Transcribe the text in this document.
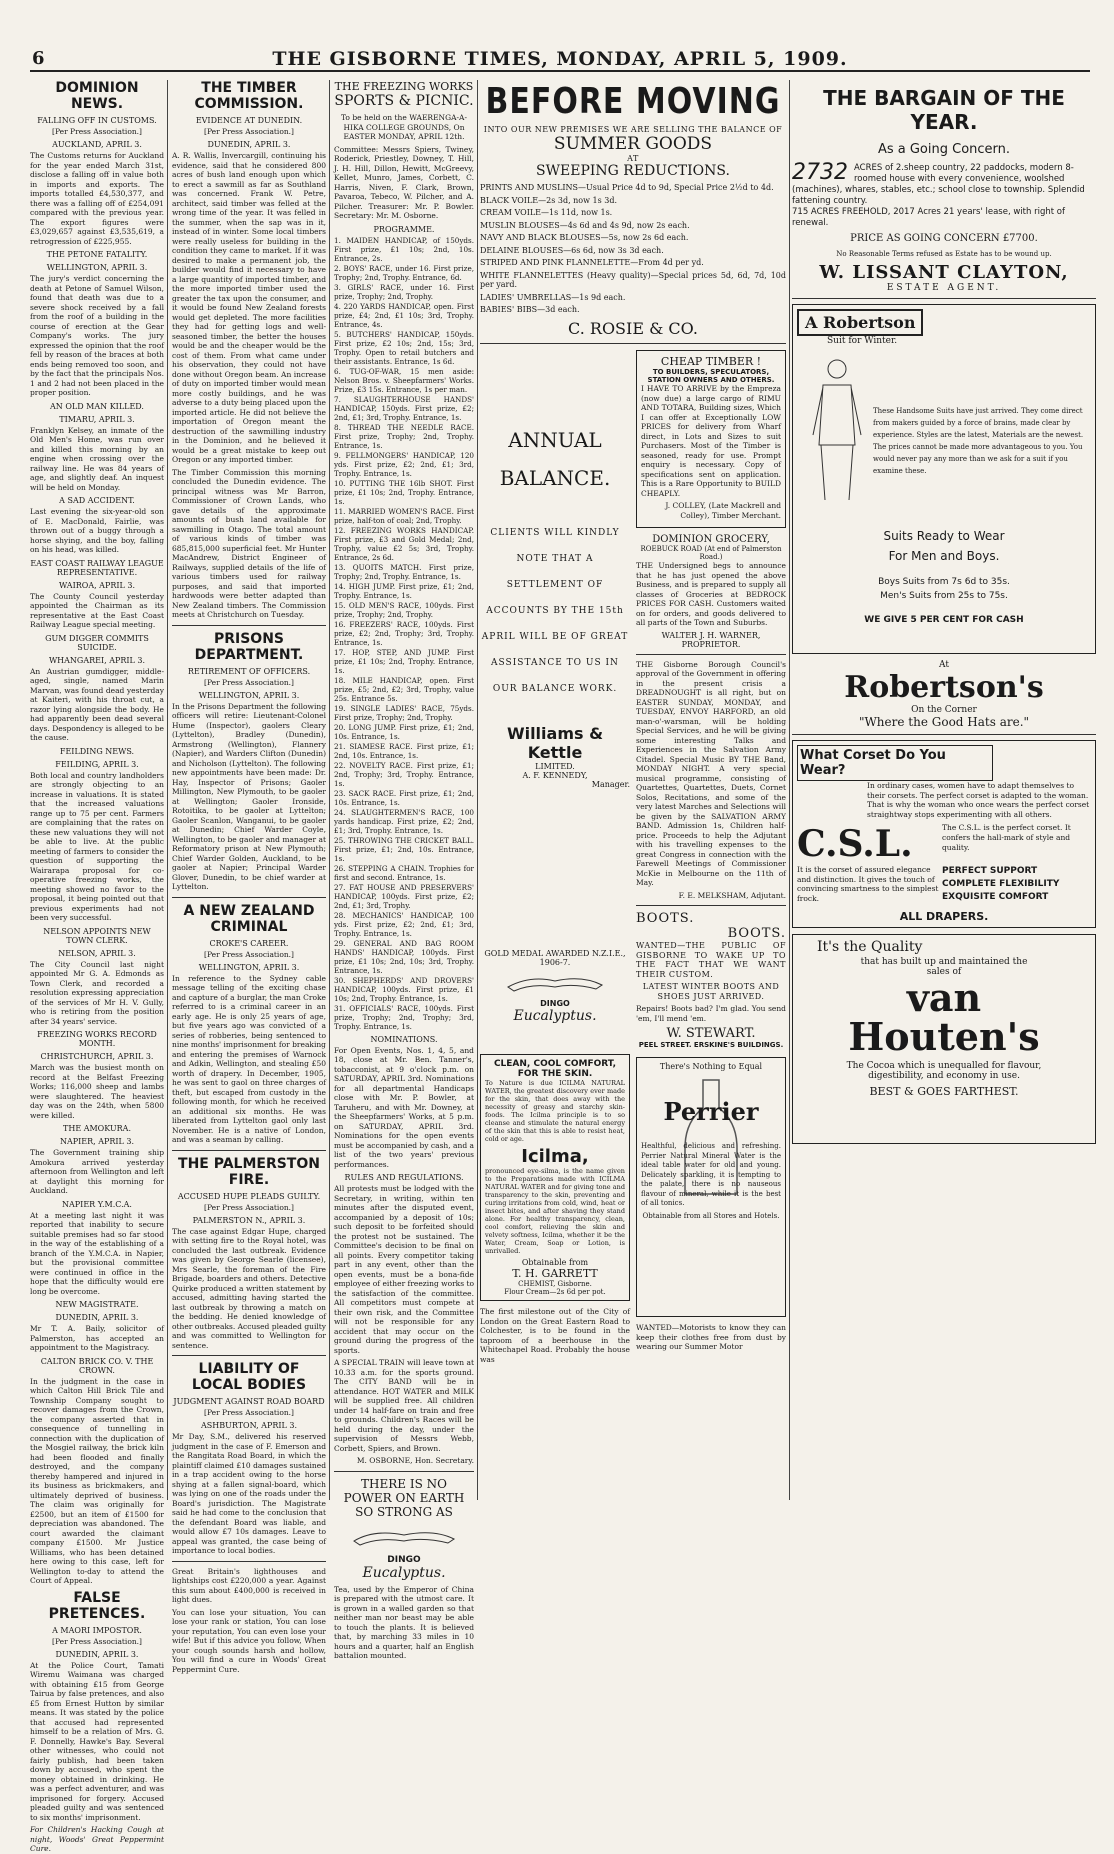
6	THE GISBORNE TIMES, MONDAY, APRIL 5, 1909.
DOMINION NEWS.
FALLING OFF IN CUSTOMS.
[Per Press Association.]
AUCKLAND, APRIL 3.
The Customs returns for Auckland for the year ended March 31st, disclose a falling off in value both in imports and exports. The imports totalled £4,530,377, and there was a falling off of £254,091 compared with the previous year. The export figures were £3,029,657 against £3,535,619, a retrogression of £225,955.
THE PETONE FATALITY.
WELLINGTON, APRIL 3.
The jury's verdict concerning the death at Petone of Samuel Wilson, found that death was due to a severe shock received by a fall from the roof of a building in the course of erection at the Gear Company's works. The jury expressed the opinion that the roof fell by reason of the braces at both ends being removed too soon, and by the fact that the principals Nos. 1 and 2 had not been placed in the proper position.
AN OLD MAN KILLED.
TIMARU, APRIL 3.
Franklyn Kelsey, an inmate of the Old Men's Home, was run over and killed this morning by an engine when crossing over the railway line. He was 84 years of age, and slightly deaf. An inquest will be held on Monday.
A SAD ACCIDENT.
Last evening the six-year-old son of E. MacDonald, Fairlie, was thrown out of a buggy through a horse shying, and the boy, falling on his head, was killed.
EAST COAST RAILWAY LEAGUE REPRESENTATIVE.
WAIROA, APRIL 3.
The County Council yesterday appointed the Chairman as its representative at the East Coast Railway League special meeting.
GUM DIGGER COMMITS SUICIDE.
WHANGAREI, APRIL 3.
An Austrian gumdigger, middle-aged, single, named Marin Marvan, was found dead yesterday at Kaiteri, with his throat cut, a razor lying alongside the body. He had apparently been dead several days. Despondency is alleged to be the cause.
FEILDING NEWS.
FEILDING, APRIL 3.
Both local and country landholders are strongly objecting to an increase in valuations. It is stated that the increased valuations range up to 75 per cent. Farmers are complaining that the rates on these new valuations they will not be able to live. At the public meeting of farmers to consider the question of supporting the Wairarapa proposal for co-operative freezing works, the meeting showed no favor to the proposal, it being pointed out that previous experiments had not been very successful.
NELSON APPOINTS NEW TOWN CLERK.
NELSON, APRIL 3.
The City Council last night appointed Mr G. A. Edmonds as Town Clerk, and recorded a resolution expressing appreciation of the services of Mr H. V. Gully, who is retiring from the position after 34 years' service.
FREEZING WORKS RECORD MONTH.
CHRISTCHURCH, APRIL 3.
March was the busiest month on record at the Belfast Freezing Works; 116,000 sheep and lambs were slaughtered. The heaviest day was on the 24th, when 5800 were killed.
THE AMOKURA.
NAPIER, APRIL 3.
The Government training ship Amokura arrived yesterday afternoon from Wellington and left at daylight this morning for Auckland.
NAPIER Y.M.C.A.
At a meeting last night it was reported that inability to secure suitable premises had so far stood in the way of the establishing of a branch of the Y.M.C.A. in Napier, but the provisional committee were continued in office in the hope that the difficulty would ere long be overcome.
NEW MAGISTRATE.
DUNEDIN, APRIL 3.
Mr T. A. Baily, solicitor of Palmerston, has accepted an appointment to the Magistracy.
CALTON BRICK CO. V. THE CROWN.
In the judgment in the case in which Calton Hill Brick Tile and Township Company sought to recover damages from the Crown, the company asserted that in consequence of tunnelling in connection with the duplication of the Mosgiel railway, the brick kiln had been flooded and finally destroyed, and the company thereby hampered and injured in its business as brickmakers, and ultimately deprived of business. The claim was originally for £2500, but an item of £1500 for depreciation was abandoned. The court awarded the claimant company £1500. Mr Justice Williams, who has been detained here owing to this case, left for Wellington to-day to attend the Court of Appeal.
FALSE PRETENCES.
A MAORI IMPOSTOR.
[Per Press Association.]
DUNEDIN, APRIL 3.
At the Police Court, Tamati Wiremu Waimana was charged with obtaining £15 from George Tairua by false pretences, and also £5 from Ernest Hutton by similar means. It was stated by the police that accused had represented himself to be a relation of Mrs. G. F. Donnelly, Hawke's Bay. Several other witnesses, who could not fairly publish, had been taken down by accused, who spent the money obtained in drinking. He was a perfect adventurer, and was imprisoned for forgery. Accused pleaded guilty and was sentenced to six months' imprisonment.
For Children's Hacking Cough at night, Woods' Great Peppermint Cure.
THE TIMBER COMMISSION.
EVIDENCE AT DUNEDIN.
[Per Press Association.]
DUNEDIN, APRIL 3.
A. R. Wallis, Invercargill, continuing his evidence, said that he considered 800 acres of bush land enough upon which to erect a sawmill as far as Southland was concerned. Frank W. Petre, architect, said timber was felled at the wrong time of the year. It was felled in the summer, when the sap was in it, instead of in winter. Some local timbers were really useless for building in the condition they came to market. If it was desired to make a permanent job, the builder would find it necessary to have a large quantity of imported timber, and the more imported timber used the greater the tax upon the consumer, and it would be found New Zealand forests would get depleted. The more facilities they had for getting logs and well-seasoned timber, the better the houses would be and the cheaper would be the cost of them. From what came under his observation, they could not have done without Oregon beam. An increase of duty on imported timber would mean more costly buildings, and he was adverse to a duty being placed upon the imported article. He did not believe the importation of Oregon meant the destruction of the sawmilling industry in the Dominion, and he believed it would be a great mistake to keep out Oregon or any imported timber.
The Timber Commission this morning concluded the Dunedin evidence. The principal witness was Mr Barron, Commissioner of Crown Lands, who gave details of the approximate amounts of bush land available for sawmilling in Otago. The total amount of various kinds of timber was 685,815,000 superficial feet. Mr Hunter MacAndrew, District Engineer of Railways, supplied details of the life of various timbers used for railway purposes, and said that imported hardwoods were better adapted than New Zealand timbers. The Commission meets at Christchurch on Tuesday.
PRISONS DEPARTMENT.
RETIREMENT OF OFFICERS.
[Per Press Association.]
WELLINGTON, APRIL 3.
In the Prisons Department the following officers will retire: Lieutenant-Colonel Hume (Inspector), gaolers Cleary (Lyttelton), Bradley (Dunedin), Armstrong (Wellington), Flannery (Napier), and Warders Clifton (Dunedin) and Nicholson (Lyttelton). The following new appointments have been made: Dr. Hay, Inspector of Prisons; Gaoler Millington, New Plymouth, to be gaoler at Wellington; Gaoler Ironside, Rotoitika, to be gaoler at Lyttelton; Gaoler Scanlon, Wanganui, to be gaoler at Dunedin; Chief Warder Coyle, Wellington, to be gaoler and manager at Reformatory prison at New Plymouth; Chief Warder Golden, Auckland, to be gaoler at Napier; Principal Warder Glover, Dunedin, to be chief warder at Lyttelton.
A NEW ZEALAND CRIMINAL
CROKE'S CAREER.
[Per Press Association.]
WELLINGTON, APRIL 3.
In reference to the Sydney cable message telling of the exciting chase and capture of a burglar, the man Croke referred to is a criminal career in an early age. He is only 25 years of age, but five years ago was convicted of a series of robberies, being sentenced to nine months' imprisonment for breaking and entering the premises of Warnock and Adkin, Wellington, and stealing £50 worth of drapery. In December, 1905, he was sent to gaol on three charges of theft, but escaped from custody in the following month, for which he received an additional six months. He was liberated from Lyttelton gaol only last November. He is a native of London, and was a seaman by calling.
THE PALMERSTON FIRE.
ACCUSED HUPE PLEADS GUILTY.
[Per Press Association.]
PALMERSTON N., APRIL 3.
The case against Edgar Hupe, charged with setting fire to the Royal hotel, was concluded the last outbreak. Evidence was given by George Searle (licensee), Mrs Searle, the foreman of the Fire Brigade, boarders and others. Detective Quirke produced a written statement by accused, admitting having started the last outbreak by throwing a match on the bedding. He denied knowledge of other outbreaks. Accused pleaded guilty and was committed to Wellington for sentence.
LIABILITY OF LOCAL BODIES
JUDGMENT AGAINST ROAD BOARD
[Per Press Association.]
ASHBURTON, APRIL 3.
Mr Day, S.M., delivered his reserved judgment in the case of F. Emerson and the Rangitata Road Board, in which the plaintiff claimed £10 damages sustained in a trap accident owing to the horse shying at a fallen signal-board, which was lying on one of the roads under the Board's jurisdiction. The Magistrate said he had come to the conclusion that the defendant Board was liable, and would allow £7 10s damages. Leave to appeal was granted, the case being of importance to local bodies.
Great Britain's lighthouses and lightships cost £220,000 a year. Against this sum about £400,000 is received in light dues.
You can lose your situation, You can lose your rank or station, You can lose your reputation, You can even lose your wife! But if this advice you follow, When your cough sounds harsh and hollow, You will find a cure in Woods' Great Peppermint Cure.
THE FREEZING WORKS
SPORTS & PICNIC.
To be held on the WAERENGA-A-HIKA COLLEGE GROUNDS, On EASTER MONDAY, APRIL 12th.
Committee: Messrs Spiers, Twiney, Roderick, Priestley, Downey, T. Hill, J. H. Hill, Dillon, Hewitt, McGreevy, Kellet, Munro, James, Corbett, C. Harris, Niven, F. Clark, Brown, Pavaroa, Tebeco, W. Pilcher, and A. Pilcher. Treasurer: Mr. P. Bowler. Secretary: Mr. M. Osborne.
PROGRAMME.
1. MAIDEN HANDICAP, of 150yds. First prize, £1 10s; 2nd, 10s. Entrance, 2s.
2. BOYS' RACE, under 16. First prize, Trophy; 2nd, Trophy. Entrance, 6d.
3. GIRLS' RACE, under 16. First prize, Trophy; 2nd, Trophy.
4. 220 YARDS HANDICAP, open. First prize, £4; 2nd, £1 10s; 3rd, Trophy. Entrance, 4s.
5. BUTCHERS' HANDICAP, 150yds. First prize, £2 10s; 2nd, 15s; 3rd, Trophy. Open to retail butchers and their assistants. Entrance, 1s 6d.
6. TUG-OF-WAR, 15 men aside: Nelson Bros. v. Sheepfarmers' Works. Prize, £3 15s. Entrance, 1s per man.
7. SLAUGHTERHOUSE HANDS' HANDICAP, 150yds. First prize, £2; 2nd, £1; 3rd, Trophy. Entrance, 1s.
8. THREAD THE NEEDLE RACE. First prize, Trophy; 2nd, Trophy. Entrance, 1s.
9. FELLMONGERS' HANDICAP, 120 yds. First prize, £2; 2nd, £1; 3rd, Trophy. Entrance, 1s.
10. PUTTING THE 16lb SHOT. First prize, £1 10s; 2nd, Trophy. Entrance, 1s.
11. MARRIED WOMEN'S RACE. First prize, half-ton of coal; 2nd, Trophy.
12. FREEZING WORKS HANDICAP. First prize, £3 and Gold Medal; 2nd, Trophy, value £2 5s; 3rd, Trophy. Entrance, 2s 6d.
13. QUOITS MATCH. First prize, Trophy; 2nd, Trophy. Entrance, 1s.
14. HIGH JUMP. First prize, £1; 2nd, Trophy. Entrance, 1s.
15. OLD MEN'S RACE, 100yds. First prize, Trophy; 2nd, Trophy.
16. FREEZERS' RACE, 100yds. First prize, £2; 2nd, Trophy; 3rd, Trophy. Entrance, 1s.
17. HOP, STEP, AND JUMP. First prize, £1 10s; 2nd, Trophy. Entrance, 1s.
18. MILE HANDICAP, open. First prize, £5; 2nd, £2; 3rd, Trophy, value 25s. Entrance 5s.
19. SINGLE LADIES' RACE, 75yds. First prize, Trophy; 2nd, Trophy.
20. LONG JUMP. First prize, £1; 2nd, 10s. Entrance, 1s.
21. SIAMESE RACE. First prize, £1; 2nd, 10s. Entrance, 1s.
22. NOVELTY RACE. First prize, £1; 2nd, Trophy; 3rd, Trophy. Entrance, 1s.
23. SACK RACE. First prize, £1; 2nd, 10s. Entrance, 1s.
24. SLAUGHTERMEN'S RACE, 100 yards handicap. First prize, £2; 2nd, £1; 3rd, Trophy. Entrance, 1s.
25. THROWING THE CRICKET BALL. First prize, £1; 2nd, 10s. Entrance, 1s.
26. STEPPING A CHAIN. Trophies for first and second. Entrance, 1s.
27. FAT HOUSE AND PRESERVERS' HANDICAP, 100yds. First prize, £2; 2nd, £1; 3rd, Trophy.
28. MECHANICS' HANDICAP, 100 yds. First prize, £2; 2nd, £1; 3rd, Trophy. Entrance, 1s.
29. GENERAL AND BAG ROOM HANDS' HANDICAP, 100yds. First prize, £1 10s; 2nd, 10s; 3rd, Trophy. Entrance, 1s.
30. SHEPHERDS' AND DROVERS' HANDICAP, 100yds. First prize, £1 10s; 2nd, Trophy. Entrance, 1s.
31. OFFICIALS' RACE, 100yds. First prize, Trophy; 2nd, Trophy; 3rd, Trophy. Entrance, 1s.
NOMINATIONS.
For Open Events, Nos. 1, 4, 5, and 18, close at Mr. Ben. Tanner's, tobacconist, at 9 o'clock p.m. on SATURDAY, APRIL 3rd. Nominations for all departmental Handicaps close with Mr. P. Bowler, at Taruheru, and with Mr. Downey, at the Sheepfarmers' Works, at 5 p.m. on SATURDAY, APRIL 3rd. Nominations for the open events must be accompanied by cash, and a list of the two years' previous performances.
RULES AND REGULATIONS.
All protests must be lodged with the Secretary, in writing, within ten minutes after the disputed event, accompanied by a deposit of 10s; such deposit to be forfeited should the protest not be sustained. The Committee's decision to be final on all points. Every competitor taking part in any event, other than the open events, must be a bona-fide employee of either freezing works to the satisfaction of the committee. All competitors must compete at their own risk, and the Committee will not be responsible for any accident that may occur on the ground during the progress of the sports.
A SPECIAL TRAIN will leave town at 10.33 a.m. for the sports ground. The CITY BAND will be in attendance. HOT WATER and MILK will be supplied free. All children under 14 half-fare on train and free to grounds. Children's Races will be held during the day, under the supervision of Messrs Webb, Corbett, Spiers, and Brown.
M. OSBORNE, Hon. Secretary.
THERE IS NO
POWER ON EARTH
SO STRONG AS
DINGO
Eucalyptus.
Tea, used by the Emperor of China is prepared with the utmost care. It is grown in a walled garden so that neither man nor beast may be able to touch the plants. It is believed that, by marching 33 miles in 10 hours and a quarter, half an English battalion mounted.
BEFORE MOVING
INTO OUR NEW PREMISES WE ARE SELLING THE BALANCE OF
SUMMER GOODS
AT
SWEEPING REDUCTIONS.
PRINTS AND MUSLINS—Usual Price 4d to 9d, Special Price 2½d to 4d.
BLACK VOILE—2s 3d, now 1s 3d.
CREAM VOILE—1s 11d, now 1s.
MUSLIN BLOUSES—4s 6d and 4s 9d, now 2s each.
NAVY AND BLACK BLOUSES—5s, now 2s 6d each.
DELAINE BLOUSES—6s 6d, now 3s 3d each.
STRIPED AND PINK FLANNELETTE—From 4d per yd.
WHITE FLANNELETTES (Heavy quality)—Special prices 5d, 6d, 7d, 10d per yard.
LADIES' UMBRELLAS—1s 9d each.
BABIES' BIBS—3d each.
C. ROSIE & CO.
ANNUAL
BALANCE.
CLIENTS WILL KINDLY NOTE THAT A SETTLEMENT OF ACCOUNTS BY THE 15th APRIL WILL BE OF GREAT ASSISTANCE TO US IN OUR BALANCE WORK.
Williams & Kettle
LIMITED.
A. F. KENNEDY,
Manager.
GOLD MEDAL AWARDED N.Z.I.E., 1906-7.
DINGO
Eucalyptus.
CLEAN, COOL COMFORT, FOR THE SKIN.
To Nature is due ICILMA NATURAL WATER, the greatest discovery ever made for the skin, that does away with the necessity of greasy and starchy skin-foods. The Icilma principle is to so cleanse and stimulate the natural energy of the skin that this is able to resist heat, cold or age.
Icilma,
pronounced eye-silma, is the name given to the Preparations made with ICILMA NATURAL WATER and for giving tone and transparency to the skin, preventing and curing irritations from cold, wind, heat or insect bites, and after shaving they stand alone. For healthy transparency, clean, cool comfort, relieving the skin and velvety softness, Icilma, whether it be the Water, Cream, Soap or Lotion, is unrivalled.
Obtainable from
T. H. GARRETT
CHEMIST, Gisborne.
Flour Cream—2s 6d per pot.
The first milestone out of the City of London on the Great Eastern Road to Colchester, is to be found in the taproom of a beerhouse in the Whitechapel Road. Probably the house was
CHEAP TIMBER !
TO BUILDERS, SPECULATORS, STATION OWNERS AND OTHERS.
I HAVE TO ARRIVE by the Empreza (now due) a large cargo of RIMU AND TOTARA, Building sizes, Which I can offer at Exceptionally LOW PRICES for delivery from Wharf direct, in Lots and Sizes to suit Purchasers. Most of the Timber is seasoned, ready for use. Prompt enquiry is necessary. Copy of specifications sent on application. This is a Rare Opportunity to BUILD CHEAPLY.
J. COLLEY, (Late Mackrell and Colley), Timber Merchant.
DOMINION GROCERY,
ROEBUCK ROAD (At end of Palmerston Road.)
THE Undersigned begs to announce that he has just opened the above Business, and is prepared to supply all classes of Groceries at BEDROCK PRICES FOR CASH. Customers waited on for orders, and goods delivered to all parts of the Town and Suburbs.
WALTER J. H. WARNER, PROPRIETOR.
THE Gisborne Borough Council's approval of the Government in offering in the present crisis a DREADNOUGHT is all right, but on EASTER SUNDAY, MONDAY, and TUESDAY, ENVOY HARFORD, an old man-o'-warsman, will be holding Special Services, and he will be giving some interesting Talks and Experiences in the Salvation Army Citadel. Special Music BY THE Band, MONDAY NIGHT. A very special musical programme, consisting of Quartettes, Quartettes, Duets, Cornet Solos, Recitations, and some of the very latest Marches and Selections will be given by the SALVATION ARMY BAND. Admission 1s, Children half-price. Proceeds to help the Adjutant with his travelling expenses to the great Congress in connection with the Farewell Meetings of Commissioner McKie in Melbourne on the 11th of May.
F. E. MELKSHAM, Adjutant.
BOOTS.
BOOTS.
WANTED—THE PUBLIC OF GISBORNE TO WAKE UP TO THE FACT THAT WE WANT THEIR CUSTOM.
LATEST WINTER BOOTS AND SHOES JUST ARRIVED.
Repairs! Boots bad? I'm glad. You send 'em, I'll mend 'em.
W. STEWART.
PEEL STREET. ERSKINE'S BUILDINGS.
There's Nothing to Equal
Perrier
Healthful, delicious and refreshing. Perrier Natural Mineral Water is the ideal table water for old and young. Delicately sparkling, it is tempting to the palate, there is no nauseous flavour of mineral, while it is the best of all tonics.
Obtainable from all Stores and Hotels.
WANTED—Motorists to know they can keep their clothes free from dust by wearing our Summer Motor
THE BARGAIN OF THE YEAR.
As a Going Concern.
2732 ACRES of 2.sheep country, 22 paddocks, modern 8-roomed house with every convenience, woolshed (machines), whares, stables, etc.; school close to township. Splendid fattening country.
715 ACRES FREEHOLD, 2017 Acres 21 years' lease, with right of renewal.
PRICE AS GOING CONCERN £7700.
No Reasonable Terms refused as Estate has to be wound up.
W. LISSANT CLAYTON,
ESTATE AGENT.
A Robertson
Suit for Winter.
These Handsome Suits have just arrived. They come direct from makers guided by a force of brains, made clear by experience. Styles are the latest, Materials are the newest. The prices cannot be made more advantageous to you. You would never pay any more than we ask for a suit if you examine these.
Suits Ready to Wear
For Men and Boys.
Boys Suits from 7s 6d to 35s.
Men's Suits from 25s to 75s.
WE GIVE 5 PER CENT FOR CASH
At
Robertson's
On the Corner
"Where the Good Hats are."
What Corset Do You Wear?
In ordinary cases, women have to adapt themselves to their corsets. The perfect corset is adapted to the woman. That is why the woman who once wears the perfect corset straightway stops experimenting with all others.
C.S.L.	The C.S.L. is the perfect corset. It confers the hall-mark of style and quality.
It is the corset of assured elegance and distinction. It gives the touch of convincing smartness to the simplest frock.
PERFECT SUPPORT
COMPLETE FLEXIBILITY
EXQUISITE COMFORT
ALL DRAPERS.
It's the Quality
that has built up and maintained the sales of
van
Houten's
The Cocoa which is unequalled for flavour, digestibility, and economy in use.
BEST & GOES FARTHEST.
